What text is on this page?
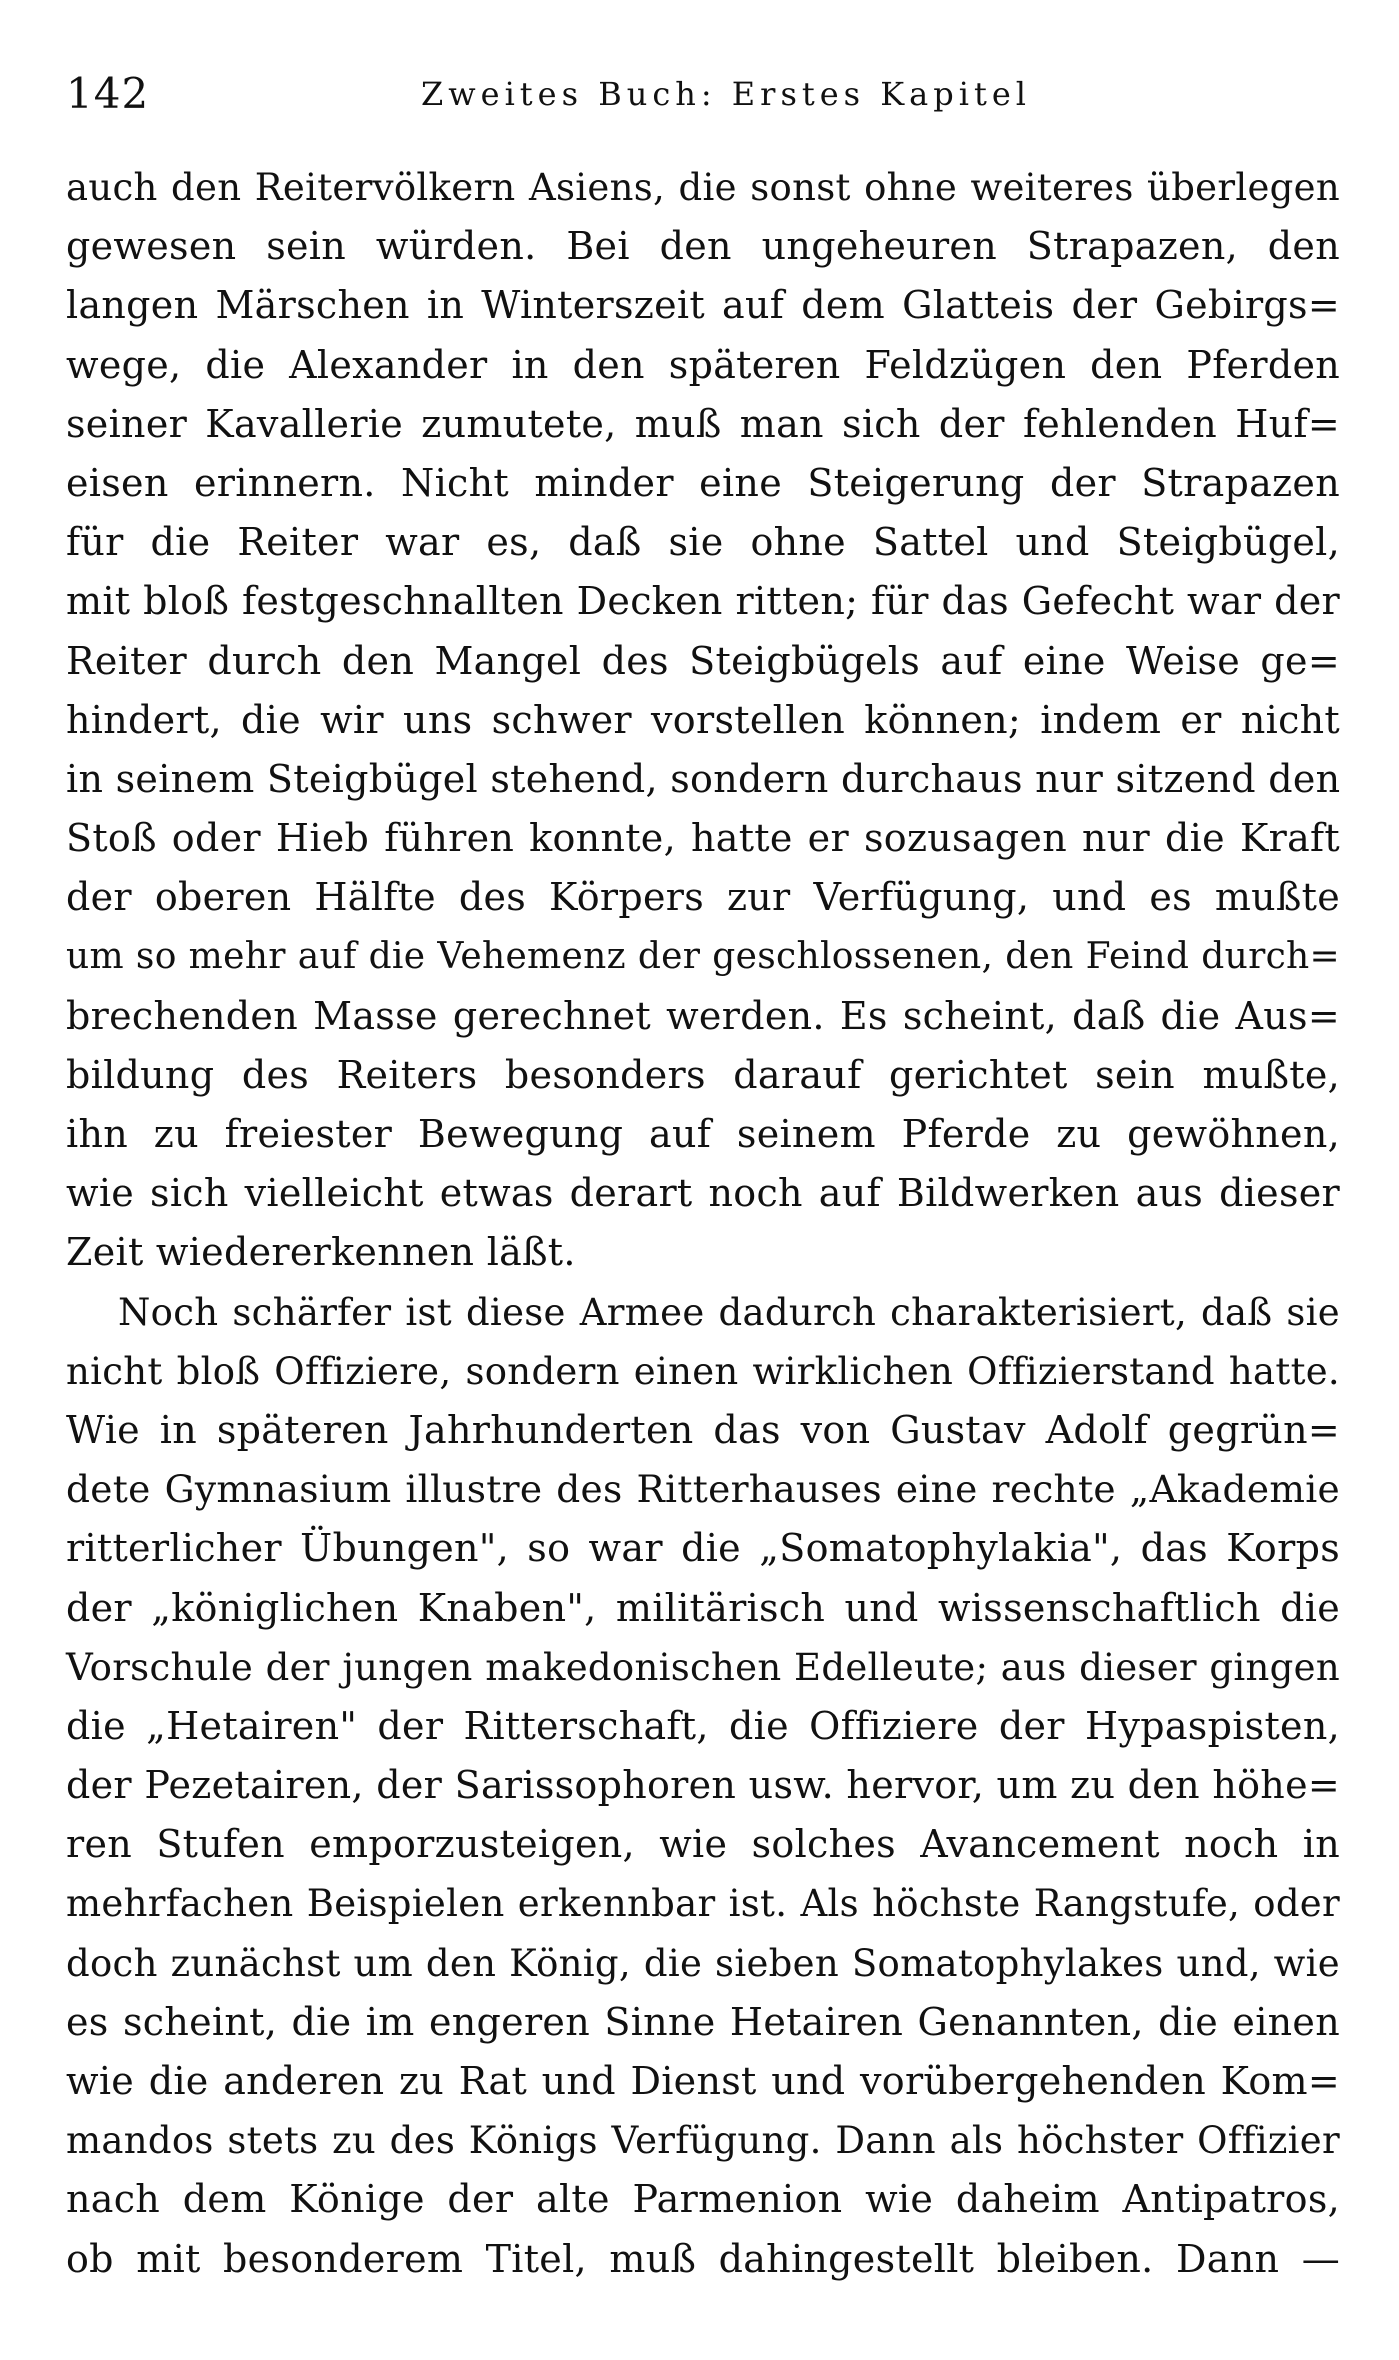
142	Zweites Buch: Erstes Kapitel
auch den Reitervölkern Asiens, die sonst ohne weiteres überlegen
gewesen sein würden. Bei den ungeheuren Strapazen, den
langen Märschen in Winterszeit auf dem Glatteis der Gebirgs=
wege, die Alexander in den späteren Feldzügen den Pferden
seiner Kavallerie zumutete, muß man sich der fehlenden Huf=
eisen erinnern. Nicht minder eine Steigerung der Strapazen
für die Reiter war es, daß sie ohne Sattel und Steigbügel,
mit bloß festgeschnallten Decken ritten; für das Gefecht war der
Reiter durch den Mangel des Steigbügels auf eine Weise ge=
hindert, die wir uns schwer vorstellen können; indem er nicht
in seinem Steigbügel stehend, sondern durchaus nur sitzend den
Stoß oder Hieb führen konnte, hatte er sozusagen nur die Kraft
der oberen Hälfte des Körpers zur Verfügung, und es mußte
um so mehr auf die Vehemenz der geschlossenen, den Feind durch=
brechenden Masse gerechnet werden. Es scheint, daß die Aus=
bildung des Reiters besonders darauf gerichtet sein mußte,
ihn zu freiester Bewegung auf seinem Pferde zu gewöhnen,
wie sich vielleicht etwas derart noch auf Bildwerken aus dieser
Zeit wiedererkennen läßt.
Noch schärfer ist diese Armee dadurch charakterisiert, daß sie
nicht bloß Offiziere, sondern einen wirklichen Offizierstand hatte.
Wie in späteren Jahrhunderten das von Gustav Adolf gegrün=
dete Gymnasium illustre des Ritterhauses eine rechte „Akademie
ritterlicher Übungen", so war die „Somatophylakia", das Korps
der „königlichen Knaben", militärisch und wissenschaftlich die
Vorschule der jungen makedonischen Edelleute; aus dieser gingen
die „Hetairen" der Ritterschaft, die Offiziere der Hypaspisten,
der Pezetairen, der Sarissophoren usw. hervor, um zu den höhe=
ren Stufen emporzusteigen, wie solches Avancement noch in
mehrfachen Beispielen erkennbar ist. Als höchste Rangstufe, oder
doch zunächst um den König, die sieben Somatophylakes und, wie
es scheint, die im engeren Sinne Hetairen Genannten, die einen
wie die anderen zu Rat und Dienst und vorübergehenden Kom=
mandos stets zu des Königs Verfügung. Dann als höchster Offizier
nach dem Könige der alte Parmenion wie daheim Antipatros,
ob mit besonderem Titel, muß dahingestellt bleiben. Dann —
